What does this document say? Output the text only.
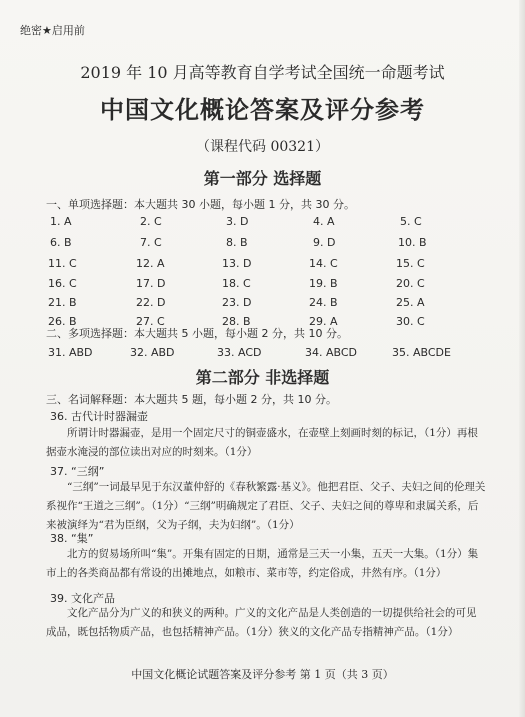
绝密★启用前
2019 年 10 月高等教育自学考试全国统一命题考试
中国文化概论答案及评分参考
（课程代码 00321）
第一部分 选择题
一、单项选择题：本大题共 30 小题，每小题 1 分，共 30 分。
1. A	2. C	3. D	4. A	5. C
6. B	7. C	8. B	9. D	10. B
11. C	12. A	13. D	14. C	15. C
16. C	17. D	18. C	19. B	20. C
21. B	22. D	23. D	24. B	25. A
26. B	27. C	28. B	29. A	30. C
二、多项选择题：本大题共 5 小题，每小题 2 分，共 10 分。
31. ABD	32. ABD	33. ACD	34. ABCD	35. ABCDE
第二部分 非选择题
三、名词解释题：本大题共 5 题，每小题 2 分，共 10 分。
36. 古代计时器漏壶
所谓计时器漏壶，是用一个固定尺寸的铜壶盛水，在壶壁上刻画时刻的标记，（1分）再根据壶水淹浸的部位读出对应的时刻来。（1分）
37. “三纲”
“三纲”一词最早见于东汉董仲舒的《春秋繁露·基义》。他把君臣、父子、夫妇之间的伦理关系视作“王道之三纲”。（1分）“三纲”明确规定了君臣、父子、夫妇之间的尊卑和隶属关系，后来被演绎为“君为臣纲，父为子纲，夫为妇纲”。（1分）
38. “集”
北方的贸易场所叫“集”。开集有固定的日期，通常是三天一小集，五天一大集。（1分）集市上的各类商品都有常设的出摊地点，如粮市、菜市等，约定俗成，井然有序。（1分）
39. 文化产品
文化产品分为广义的和狭义的两种。广义的文化产品是人类创造的一切提供给社会的可见成品，既包括物质产品，也包括精神产品。（1分）狭义的文化产品专指精神产品。（1分）
中国文化概论试题答案及评分参考 第 1 页（共 3 页）
